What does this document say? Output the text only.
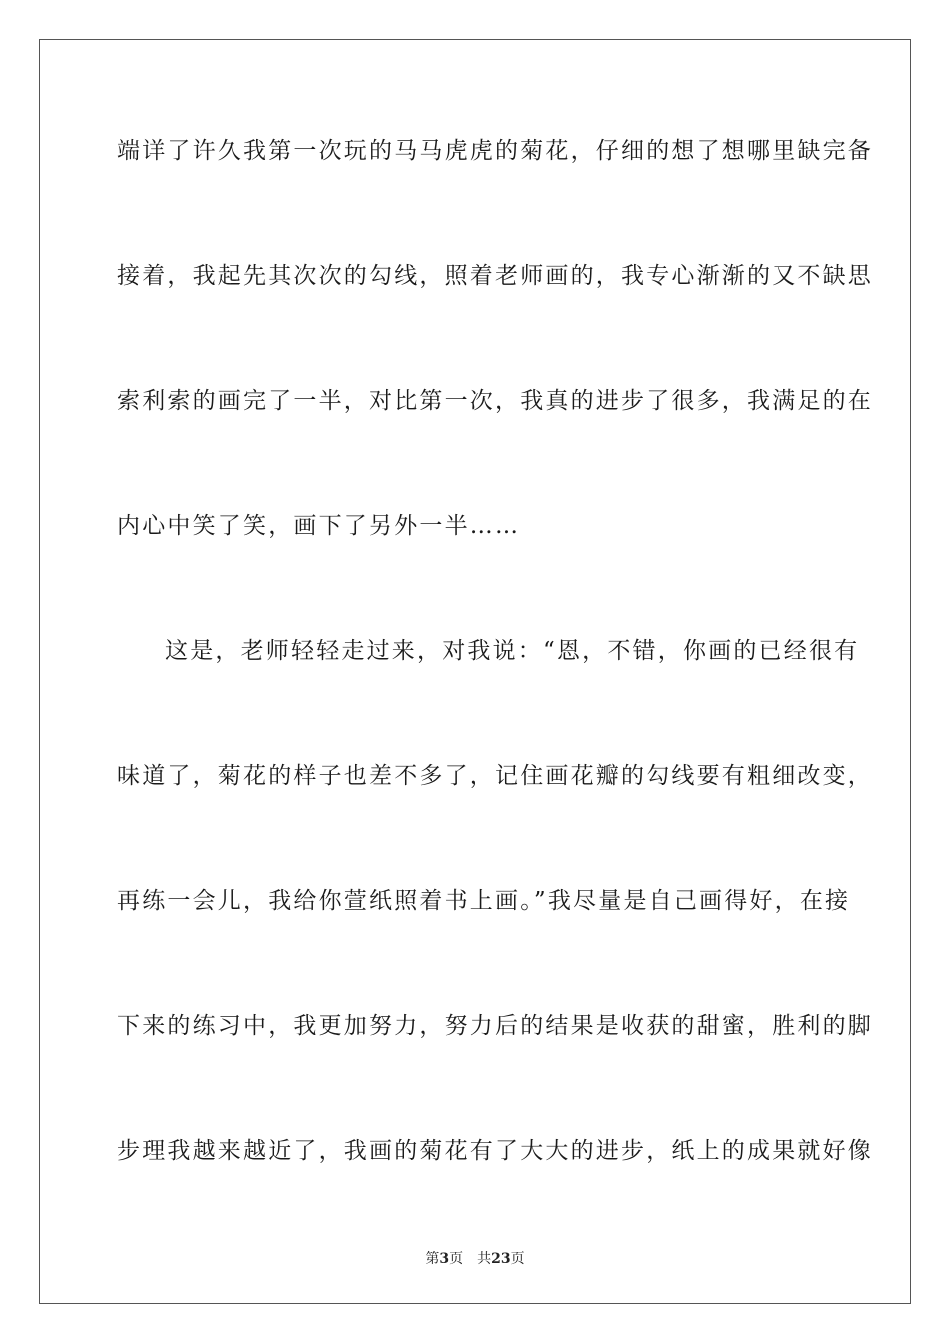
端详了许久我第一次玩的马马虎虎的菊花，仔细的想了想哪里缺完备
接着，我起先其次次的勾线，照着老师画的，我专心渐渐的又不缺思
索利索的画完了一半，对比第一次，我真的进步了很多，我满足的在
内心中笑了笑，画下了另外一半……
这是，老师轻轻走过来，对我说：“恩，不错，你画的已经很有
味道了，菊花的样子也差不多了，记住画花瓣的勾线要有粗细改变，
再练一会儿，我给你萱纸照着书上画。”我尽量是自己画得好，在接
下来的练习中，我更加努力，努力后的结果是收获的甜蜜，胜利的脚
步理我越来越近了，我画的菊花有了大大的进步，纸上的成果就好像
第3页 共23页
